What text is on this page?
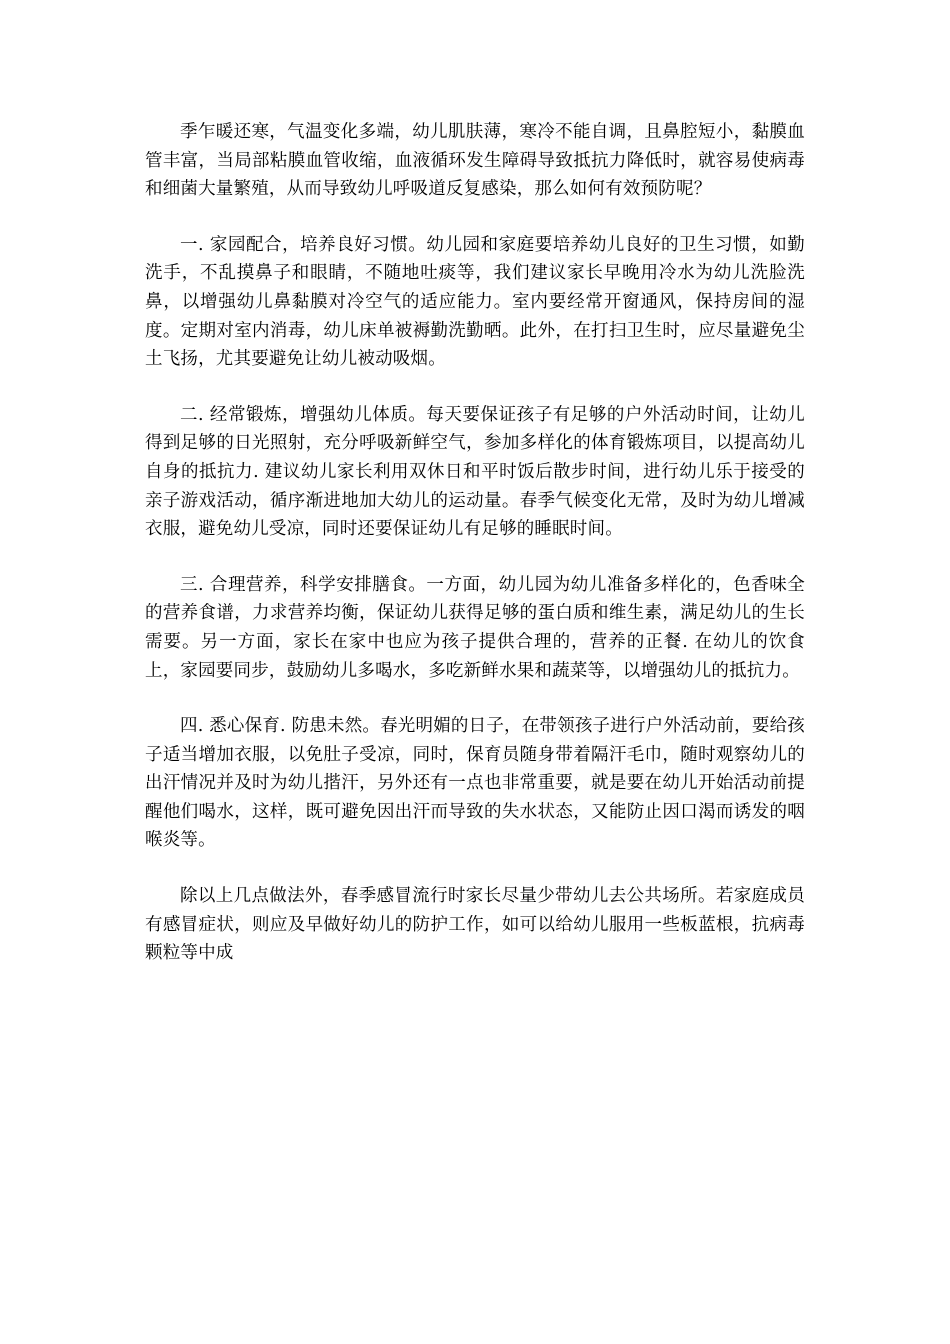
季乍暖还寒，气温变化多端，幼儿肌肤薄，寒冷不能自调，且鼻腔短小，黏膜血管丰富，当局部粘膜血管收缩，血液循环发生障碍导致抵抗力降低时，就容易使病毒和细菌大量繁殖，从而导致幼儿呼吸道反复感染，那么如何有效预防呢？

一. 家园配合，培养良好习惯。幼儿园和家庭要培养幼儿良好的卫生习惯，如勤洗手，不乱摸鼻子和眼睛，不随地吐痰等，我们建议家长早晚用冷水为幼儿洗脸洗鼻，以增强幼儿鼻黏膜对冷空气的适应能力。室内要经常开窗通风，保持房间的湿度。定期对室内消毒，幼儿床单被褥勤洗勤晒。此外，在打扫卫生时，应尽量避免尘土飞扬，尤其要避免让幼儿被动吸烟。

二. 经常锻炼，增强幼儿体质。每天要保证孩子有足够的户外活动时间，让幼儿得到足够的日光照射，充分呼吸新鲜空气，参加多样化的体育锻炼项目，以提高幼儿自身的抵抗力. 建议幼儿家长利用双休日和平时饭后散步时间，进行幼儿乐于接受的亲子游戏活动，循序渐进地加大幼儿的运动量。春季气候变化无常，及时为幼儿增减衣服，避免幼儿受凉，同时还要保证幼儿有足够的睡眠时间。

三. 合理营养，科学安排膳食。一方面，幼儿园为幼儿准备多样化的，色香味全的营养食谱，力求营养均衡，保证幼儿获得足够的蛋白质和维生素，满足幼儿的生长需要。另一方面，家长在家中也应为孩子提供合理的，营养的正餐. 在幼儿的饮食上，家园要同步，鼓励幼儿多喝水，多吃新鲜水果和蔬菜等，以增强幼儿的抵抗力。

四. 悉心保育. 防患未然。春光明媚的日子，在带领孩子进行户外活动前，要给孩子适当增加衣服，以免肚子受凉，同时，保育员随身带着隔汗毛巾，随时观察幼儿的出汗情况并及时为幼儿揩汗，另外还有一点也非常重要，就是要在幼儿开始活动前提醒他们喝水，这样，既可避免因出汗而导致的失水状态，又能防止因口渴而诱发的咽喉炎等。

除以上几点做法外，春季感冒流行时家长尽量少带幼儿去公共场所。若家庭成员有感冒症状，则应及早做好幼儿的防护工作，如可以给幼儿服用一些板蓝根，抗病毒颗粒等中成
